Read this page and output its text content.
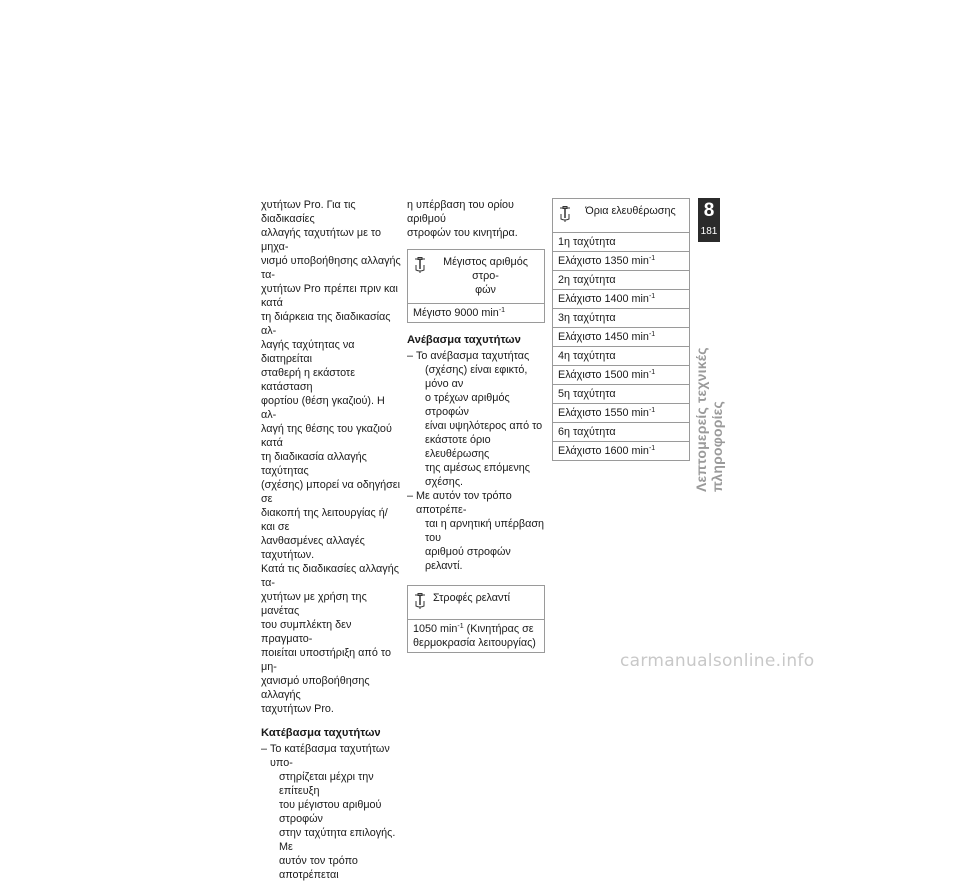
χυτήτων Pro. Για τις διαδικασίες
αλλαγής ταχυτήτων με το μηχα-
νισμό υποβοήθησης αλλαγής τα-
χυτήτων Pro πρέπει πριν και κατά
τη διάρκεια της διαδικασίας αλ-
λαγής ταχύτητας να διατηρείται
σταθερή η εκάστοτε κατάσταση
φορτίου (θέση γκαζιού). Η αλ-
λαγή της θέσης του γκαζιού κατά
τη διαδικασία αλλαγής ταχύτητας
(σχέσης) μπορεί να οδηγήσει σε
διακοπή της λειτουργίας ή/και σε
λανθασμένες αλλαγές ταχυτήτων.
Κατά τις διαδικασίες αλλαγής τα-
χυτήτων με χρήση της μανέτας
του συμπλέκτη δεν πραγματο-
ποιείται υποστήριξη από το μη-
χανισμό υποβοήθησης αλλαγής
ταχυτήτων Pro.

Κατέβασμα ταχυτήτων

– Το κατέβασμα ταχυτήτων υπο-
στηρίζεται μέχρι την επίτευξη
του μέγιστου αριθμού στροφών
στην ταχύτητα επιλογής. Με
αυτόν τον τρόπο αποτρέπεται
η υπέρβαση του ορίου αριθμού
στροφών του κινητήρα.
Μέγιστος αριθμός στρο-
φών
Μέγιστο 9000 $\min^{-1}$

Ανέβασμα ταχυτήτων

– Το ανέβασμα ταχυτήτας
(σχέσης) είναι εφικτό, μόνο αν
ο τρέχων αριθμός στροφών
είναι υψηλότερος από το
εκάστοτε όριο ελευθέρωσης
της αμέσως επόμενης σχέσης.
– Με αυτόν τον τρόπο αποτρέπε-
ται η αρνητική υπέρβαση του
αριθμού στροφών ρελαντί.
Στροφές ρελαντί
1050 $\min^{-1} (K\iota\nu\eta\tau ή\rho\alpha\varsigma$ σε
θερμοκρασία λειτουργίας)
Όρια ελευθέρωσης
1η ταχύτητα
Ελάχιστο 1350 $\min^{-1}$
2η ταχύτητα
Ελάχιστο 1400 $\min^{-1}$
3η ταχύτητα
Ελάχιστο 1450 $\min^{-1}$
4η ταχύτητα
Ελάχιστο 1500 $\min^{-1}$
5η ταχύτητα
Ελάχιστο 1550 $\min^{-1}$
6η ταχύτητα
Ελάχιστο 1600 $\min^{-1}$
8
181
Λεπτομερείς τεχνικές πληροφορίες
carmanualsonline.info
